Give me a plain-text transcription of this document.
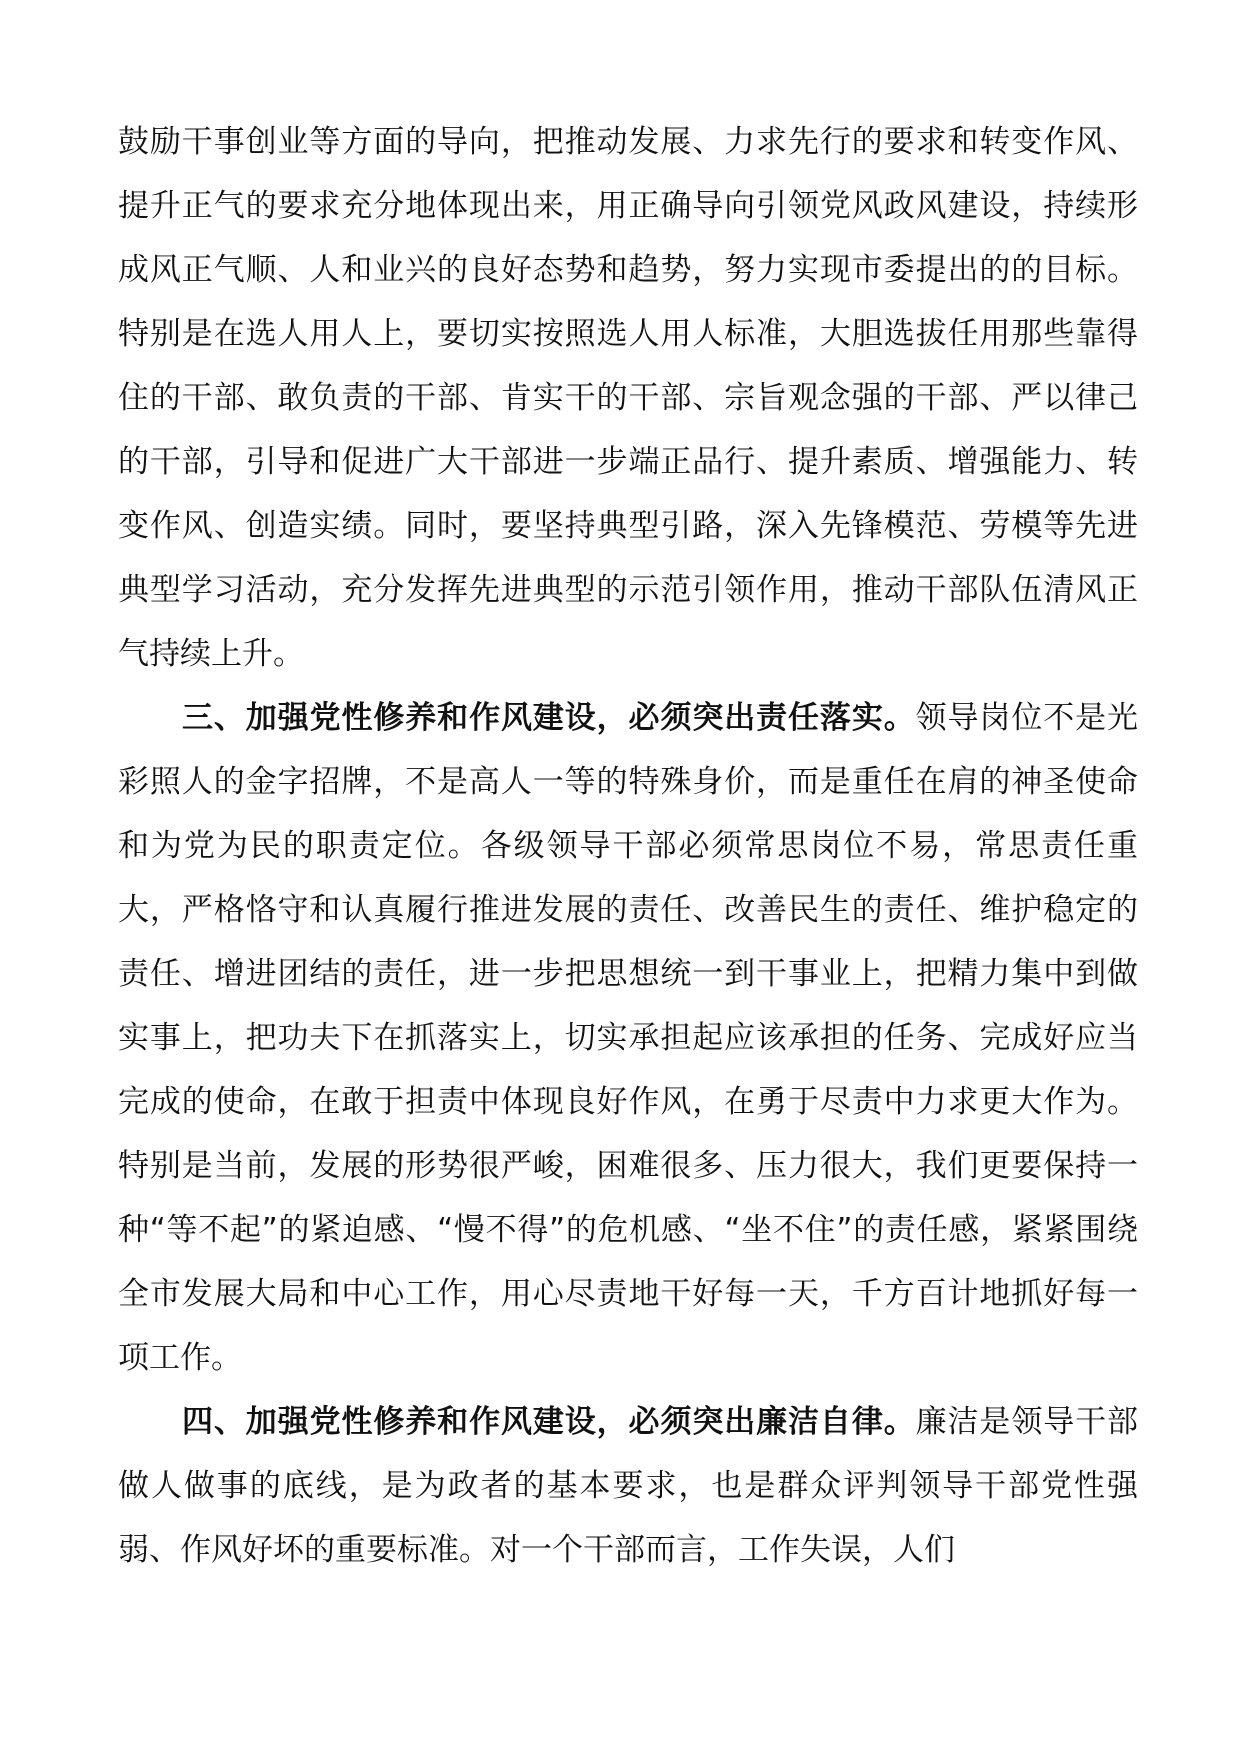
鼓励干事创业等方面的导向，把推动发展、力求先行的要求和转变作风、提升正气的要求充分地体现出来，用正确导向引领党风政风建设，持续形成风正气顺、人和业兴的良好态势和趋势，努力实现市委提出的的目标。特别是在选人用人上，要切实按照选人用人标准，大胆选拔任用那些靠得住的干部、敢负责的干部、肯实干的干部、宗旨观念强的干部、严以律己的干部，引导和促进广大干部进一步端正品行、提升素质、增强能力、转变作风、创造实绩。同时，要坚持典型引路，深入先锋模范、劳模等先进典型学习活动，充分发挥先进典型的示范引领作用，推动干部队伍清风正气持续上升。

三、加强党性修养和作风建设，必须突出责任落实。领导岗位不是光彩照人的金字招牌，不是高人一等的特殊身价，而是重任在肩的神圣使命和为党为民的职责定位。各级领导干部必须常思岗位不易，常思责任重大，严格恪守和认真履行推进发展的责任、改善民生的责任、维护稳定的责任、增进团结的责任，进一步把思想统一到干事业上，把精力集中到做实事上，把功夫下在抓落实上，切实承担起应该承担的任务、完成好应当完成的使命，在敢于担责中体现良好作风，在勇于尽责中力求更大作为。特别是当前，发展的形势很严峻，困难很多、压力很大，我们更要保持一种“等不起”的紧迫感、“慢不得”的危机感、“坐不住”的责任感，紧紧围绕全市发展大局和中心工作，用心尽责地干好每一天，千方百计地抓好每一项工作。

四、加强党性修养和作风建设，必须突出廉洁自律。廉洁是领导干部做人做事的底线，是为政者的基本要求，也是群众评判领导干部党性强弱、作风好坏的重要标准。对一个干部而言，工作失误，人们
